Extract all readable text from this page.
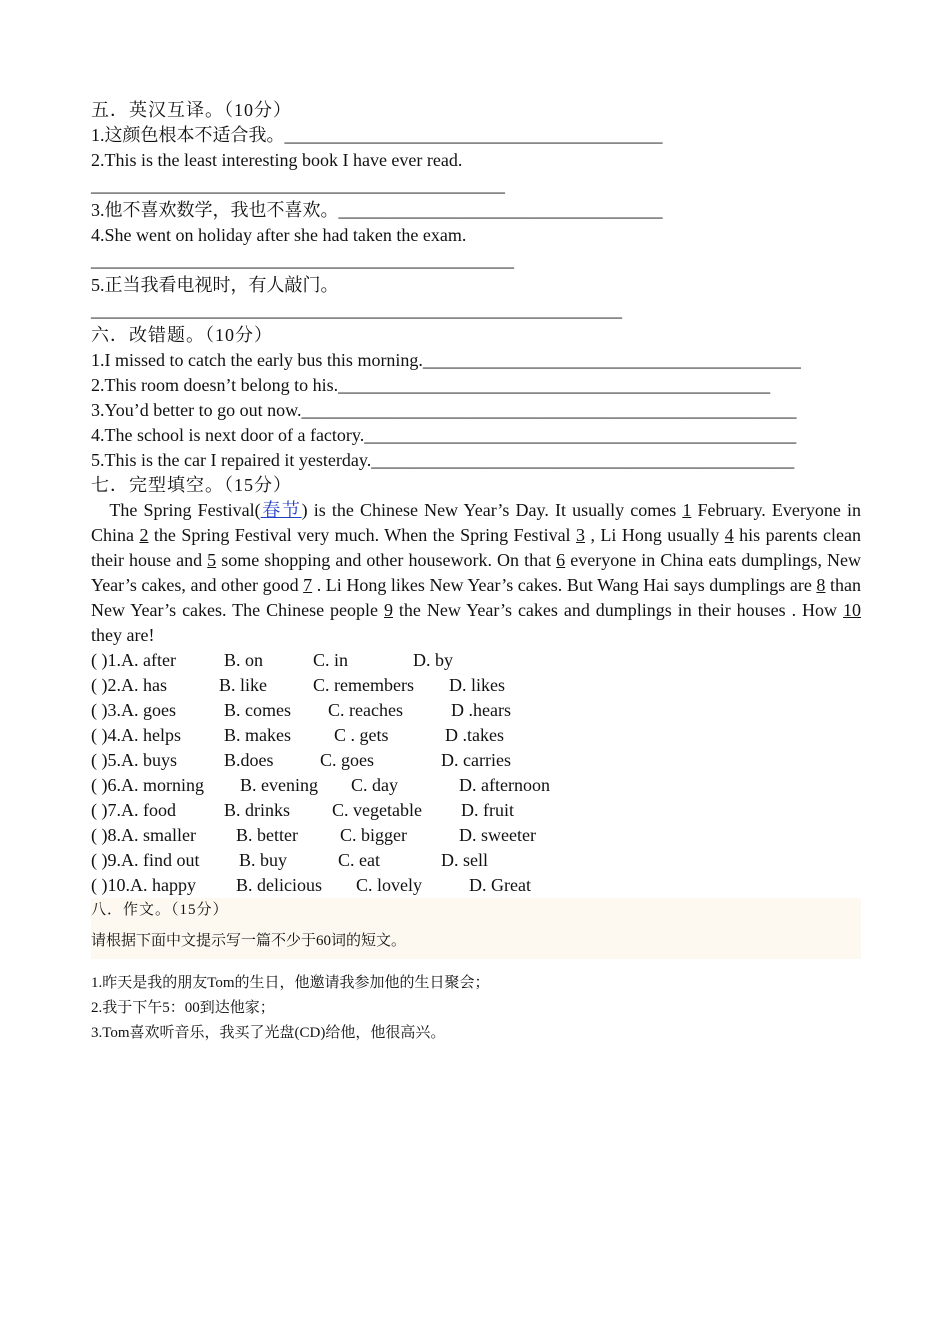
五．英汉互译。（10分）
1.这颜色根本不适合我。__________________________________________
2.This is the least interesting book I have ever read.
______________________________________________
3.他不喜欢数学，我也不喜欢。____________________________________
4.She went on holiday after she had taken the exam.
_______________________________________________
5.正当我看电视时，有人敲门。
___________________________________________________________
六．改错题。（10分）
1.I missed to catch the early bus this morning.__________________________________________
2.This room doesn’t belong to his.________________________________________________
3.You’d better to go out now._______________________________________________________
4.The school is next door of a factory.________________________________________________
5.This is the car I repaired it yesterday._______________________________________________
七．完型填空。（15分）
The Spring Festival(春节) is the Chinese New Year’s Day. It usually comes 1 February. Everyone in China 2 the Spring Festival very much. When the Spring Festival 3 , Li Hong usually 4 his parents clean their house and 5 some shopping and other housework. On that 6 everyone in China eats dumplings, New Year’s cakes, and other good 7 . Li Hong likes New Year’s cakes. But Wang Hai says dumplings are 8 than New Year’s cakes. The Chinese people 9 the New Year’s cakes and dumplings in their houses . How 10 they are!
( )1.A. after	B. on	C. in	D. by
( )2.A. has	B. like	C. remembers D. likes
( )3.A. goes	B. comes C. reaches	D .hears
( )4.A. helps B. makes C . gets	D .takes
( )5.A. buys	B.does	C. goes	D. carries
( )6.A. morning B. evening C. day	D. afternoon
( )7.A. food	B. drinks C. vegetable D. fruit
( )8.A. smaller B. better C. bigger	D. sweeter
( )9.A. find out B. buy	C. eat	D. sell
( )10.A. happy B. delicious C. lovely	D. Great
八．作文。（15分）
请根据下面中文提示写一篇不少于60词的短文。
1.昨天是我的朋友Tom的生日，他邀请我参加他的生日聚会；
2.我于下午5：00到达他家；
3.Tom喜欢听音乐，我买了光盘(CD)给他，他很高兴。
